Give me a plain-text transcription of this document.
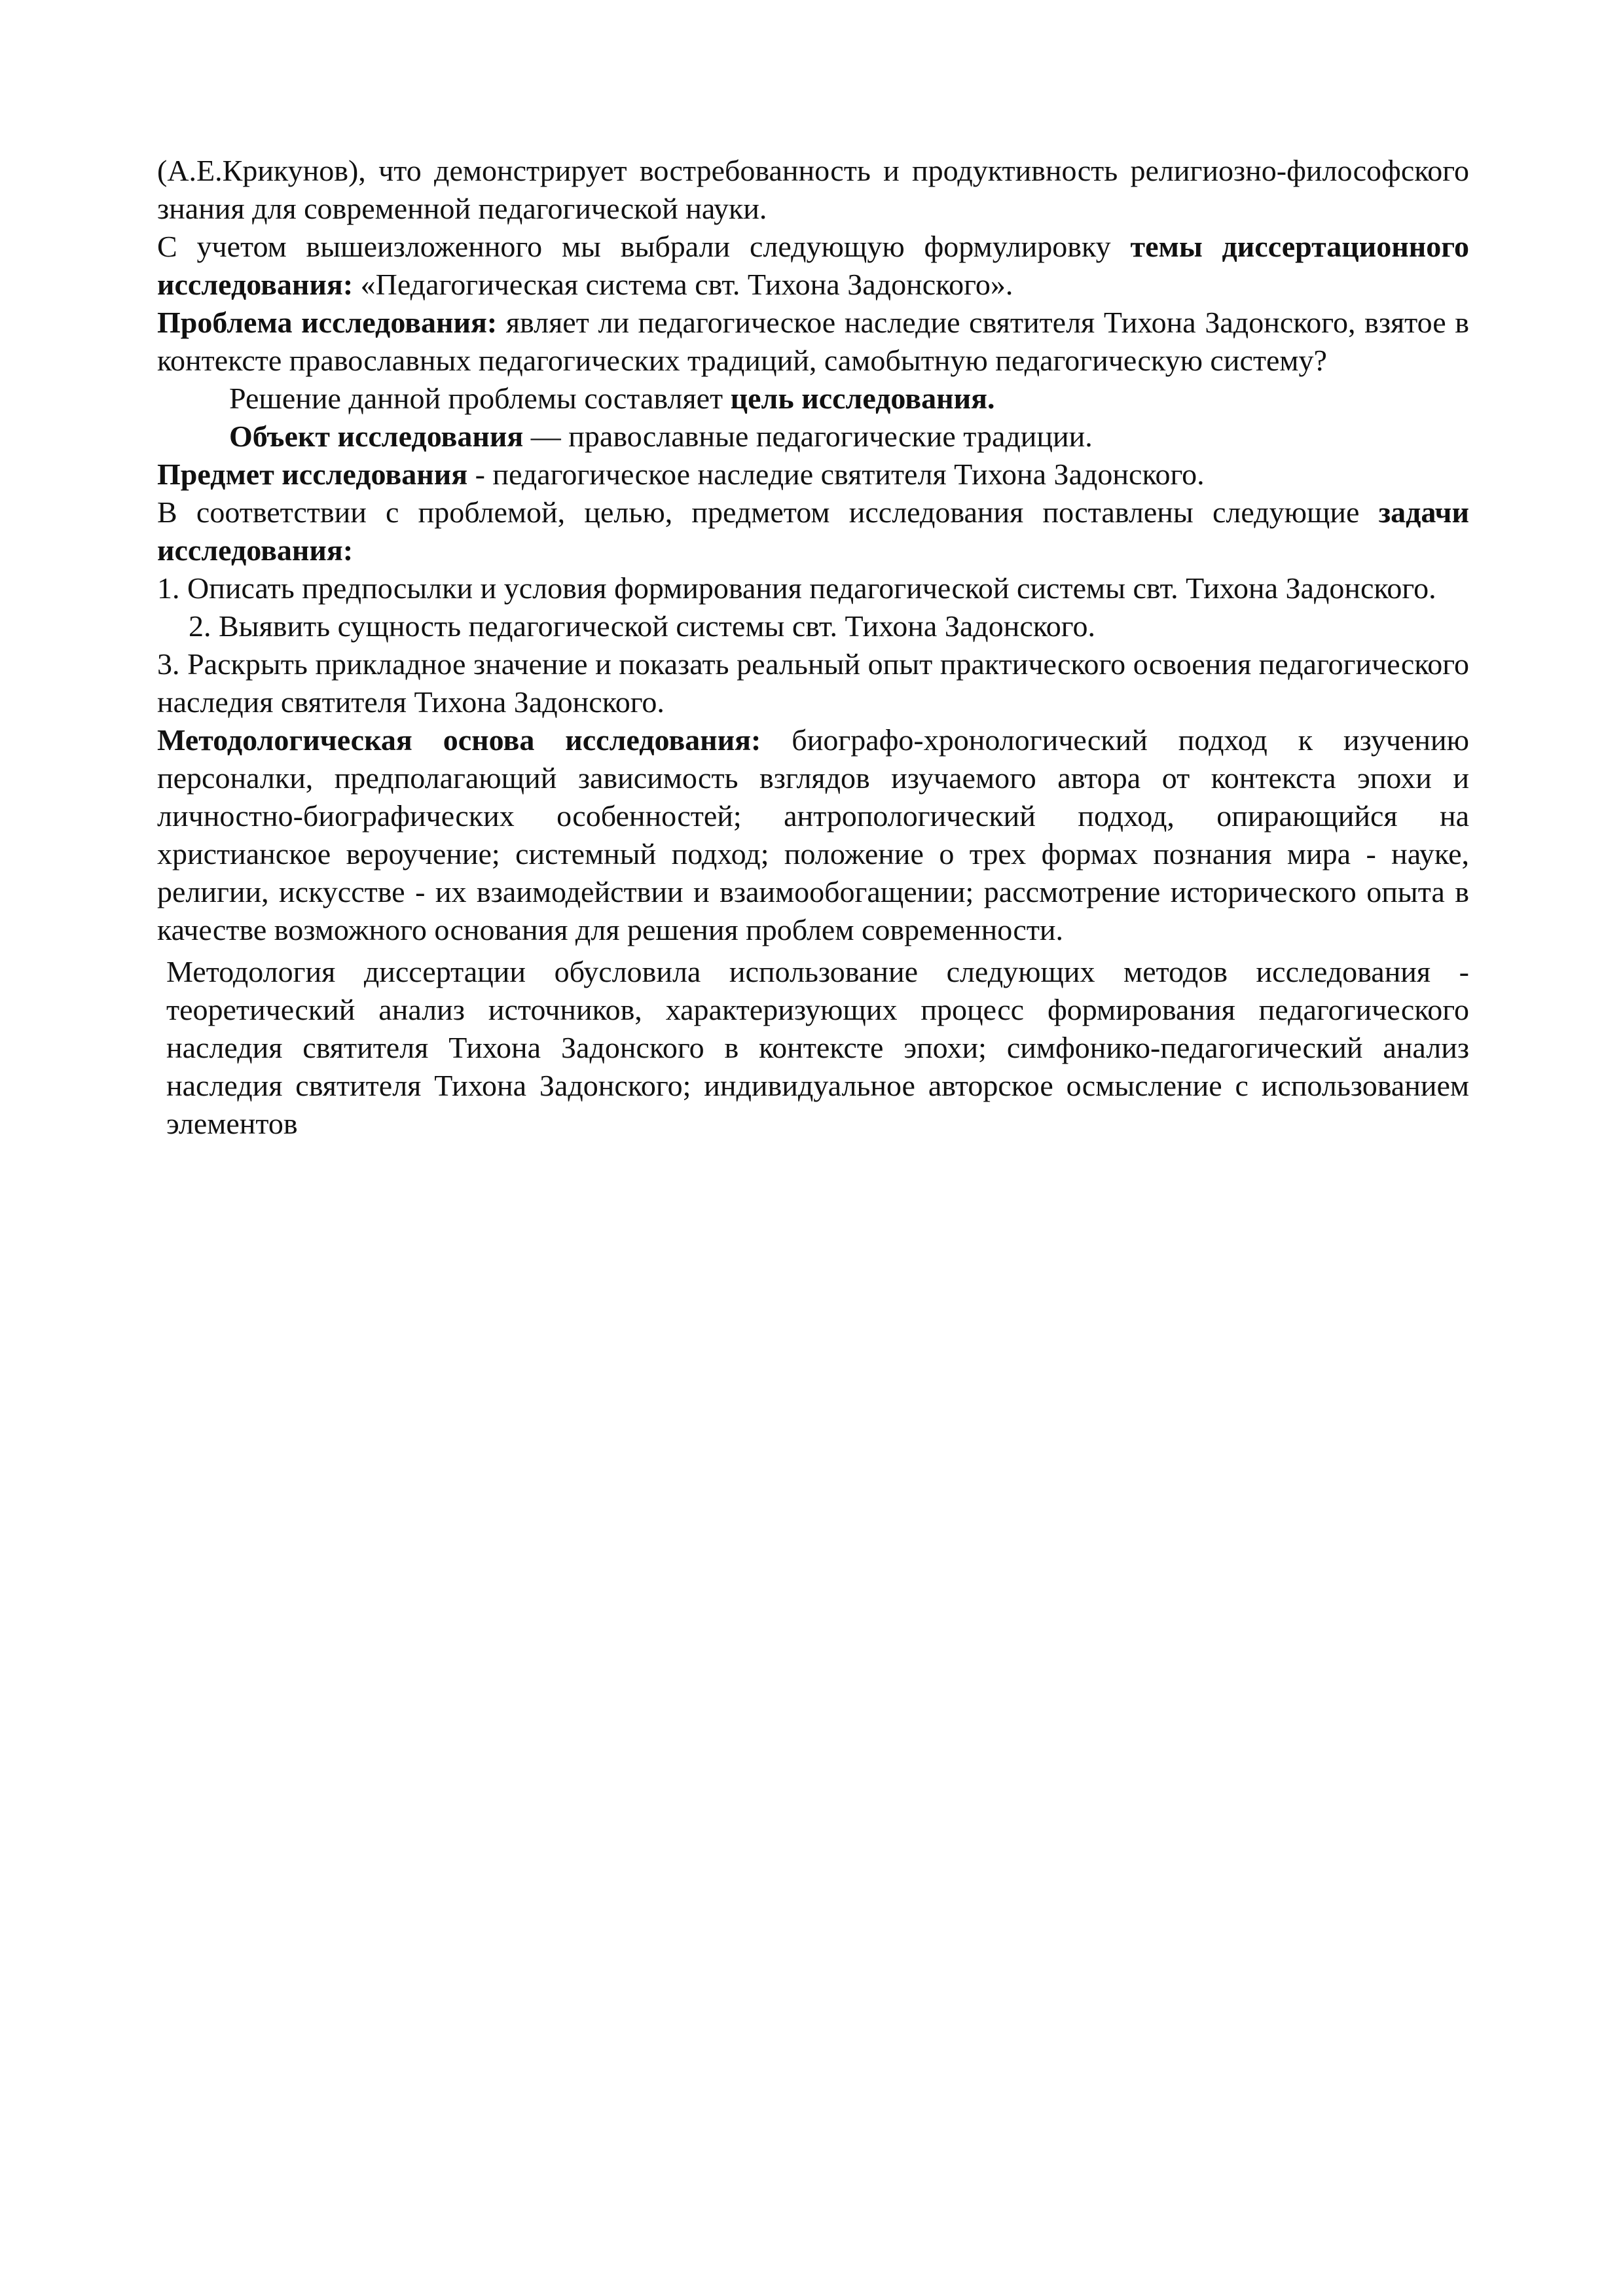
(А.Е.Крикунов), что демонстрирует востребованность и продуктивность религиозно-философского знания для современной педагогической науки.

С учетом вышеизложенного мы выбрали следующую формулировку темы диссертационного исследования: «Педагогическая система свт. Тихона Задонского».

Проблема исследования: являет ли педагогическое наследие святителя Тихона Задонского, взятое в контексте православных педагогических традиций, самобытную педагогическую систему?

Решение данной проблемы составляет цель исследования.

Объект исследования — православные педагогические традиции.

Предмет исследования - педагогическое наследие святителя Тихона Задонского.

В соответствии с проблемой, целью, предметом исследования поставлены следующие задачи исследования:

1. Описать предпосылки и условия формирования педагогической системы свт. Тихона Задонского.

2. Выявить сущность педагогической системы свт. Тихона Задонского.

3. Раскрыть прикладное значение и показать реальный опыт практического освоения педагогического наследия святителя Тихона Задонского.

Методологическая основа исследования: биографо-хронологический подход к изучению персоналки, предполагающий зависимость взглядов изучаемого автора от контекста эпохи и личностно-биографических особенностей; антропологический подход, опирающийся на христианское вероучение; системный подход; положение о трех формах познания мира - науке, религии, искусстве - их взаимодействии и взаимообогащении; рассмотрение исторического опыта в качестве возможного основания для решения проблем современности.

Методология диссертации обусловила использование следующих методов исследования - теоретический анализ источников, характеризующих процесс формирования педагогического наследия святителя Тихона Задонского в контексте эпохи; симфонико-педагогический анализ наследия святителя Тихона Задонского; индивидуальное авторское осмысление с использованием элементов
